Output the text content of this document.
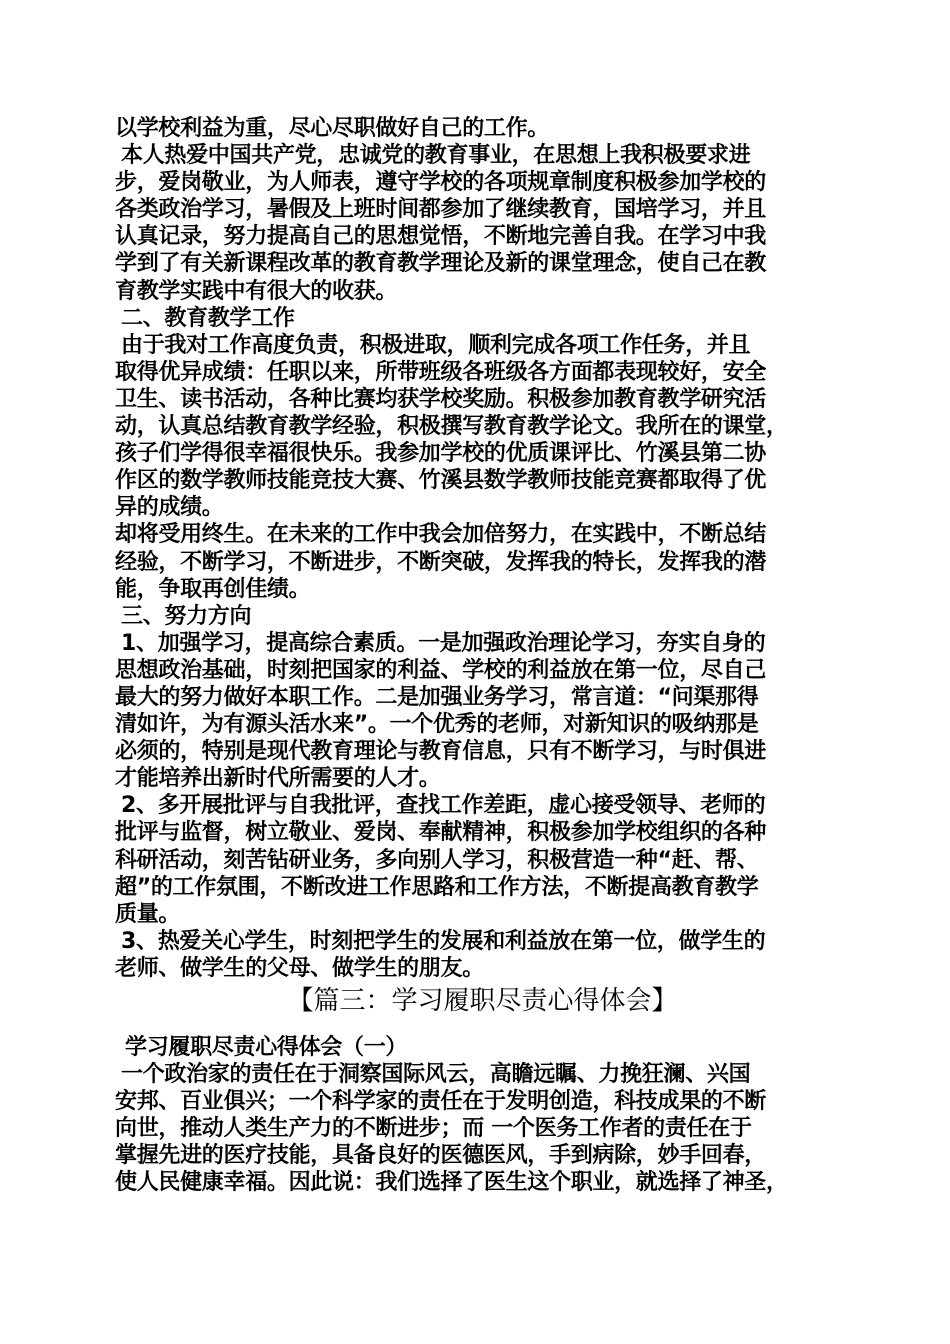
以学校利益为重，尽心尽职做好自己的工作。
本人热爱中国共产党，忠诚党的教育事业，在思想上我积极要求进
步，爱岗敬业，为人师表，遵守学校的各项规章制度积极参加学校的
各类政治学习，暑假及上班时间都参加了继续教育，国培学习，并且
认真记录，努力提高自己的思想觉悟，不断地完善自我。在学习中我
学到了有关新课程改革的教育教学理论及新的课堂理念，使自己在教
育教学实践中有很大的收获。
二、教育教学工作
由于我对工作高度负责，积极进取，顺利完成各项工作任务，并且
取得优异成绩：任职以来，所带班级各班级各方面都表现较好，安全
卫生、读书活动，各种比赛均获学校奖励。积极参加教育教学研究活
动，认真总结教育教学经验，积极撰写教育教学论文。我所在的课堂，
孩子们学得很幸福很快乐。我参加学校的优质课评比、竹溪县第二协
作区的数学教师技能竞技大赛、竹溪县数学教师技能竞赛都取得了优
异的成绩。
却将受用终生。在未来的工作中我会加倍努力，在实践中，不断总结
经验，不断学习，不断进步，不断突破，发挥我的特长，发挥我的潜
能，争取再创佳绩。
三、努力方向
1、加强学习，提高综合素质。一是加强政治理论学习，夯实自身的
思想政治基础，时刻把国家的利益、学校的利益放在第一位，尽自己
最大的努力做好本职工作。二是加强业务学习，常言道：“问渠那得
清如许，为有源头活水来”。一个优秀的老师，对新知识的吸纳那是
必须的，特别是现代教育理论与教育信息，只有不断学习，与时俱进
才能培养出新时代所需要的人才。
2、多开展批评与自我批评，查找工作差距，虚心接受领导、老师的
批评与监督，树立敬业、爱岗、奉献精神，积极参加学校组织的各种
科研活动，刻苦钻研业务，多向别人学习，积极营造一种“赶、帮、
超”的工作氛围，不断改进工作思路和工作方法，不断提高教育教学
质量。
3、热爱关心学生，时刻把学生的发展和利益放在第一位，做学生的
老师、做学生的父母、做学生的朋友。
【篇三：学习履职尽责心得体会】
学习履职尽责心得体会（一）
一个政治家的责任在于洞察国际风云，高瞻远瞩、力挽狂澜、兴国
安邦、百业俱兴；一个科学家的责任在于发明创造，科技成果的不断
向世，推动人类生产力的不断进步；而 一个医务工作者的责任在于
掌握先进的医疗技能，具备良好的医德医风，手到病除，妙手回春，
使人民健康幸福。因此说：我们选择了医生这个职业，就选择了神圣，
